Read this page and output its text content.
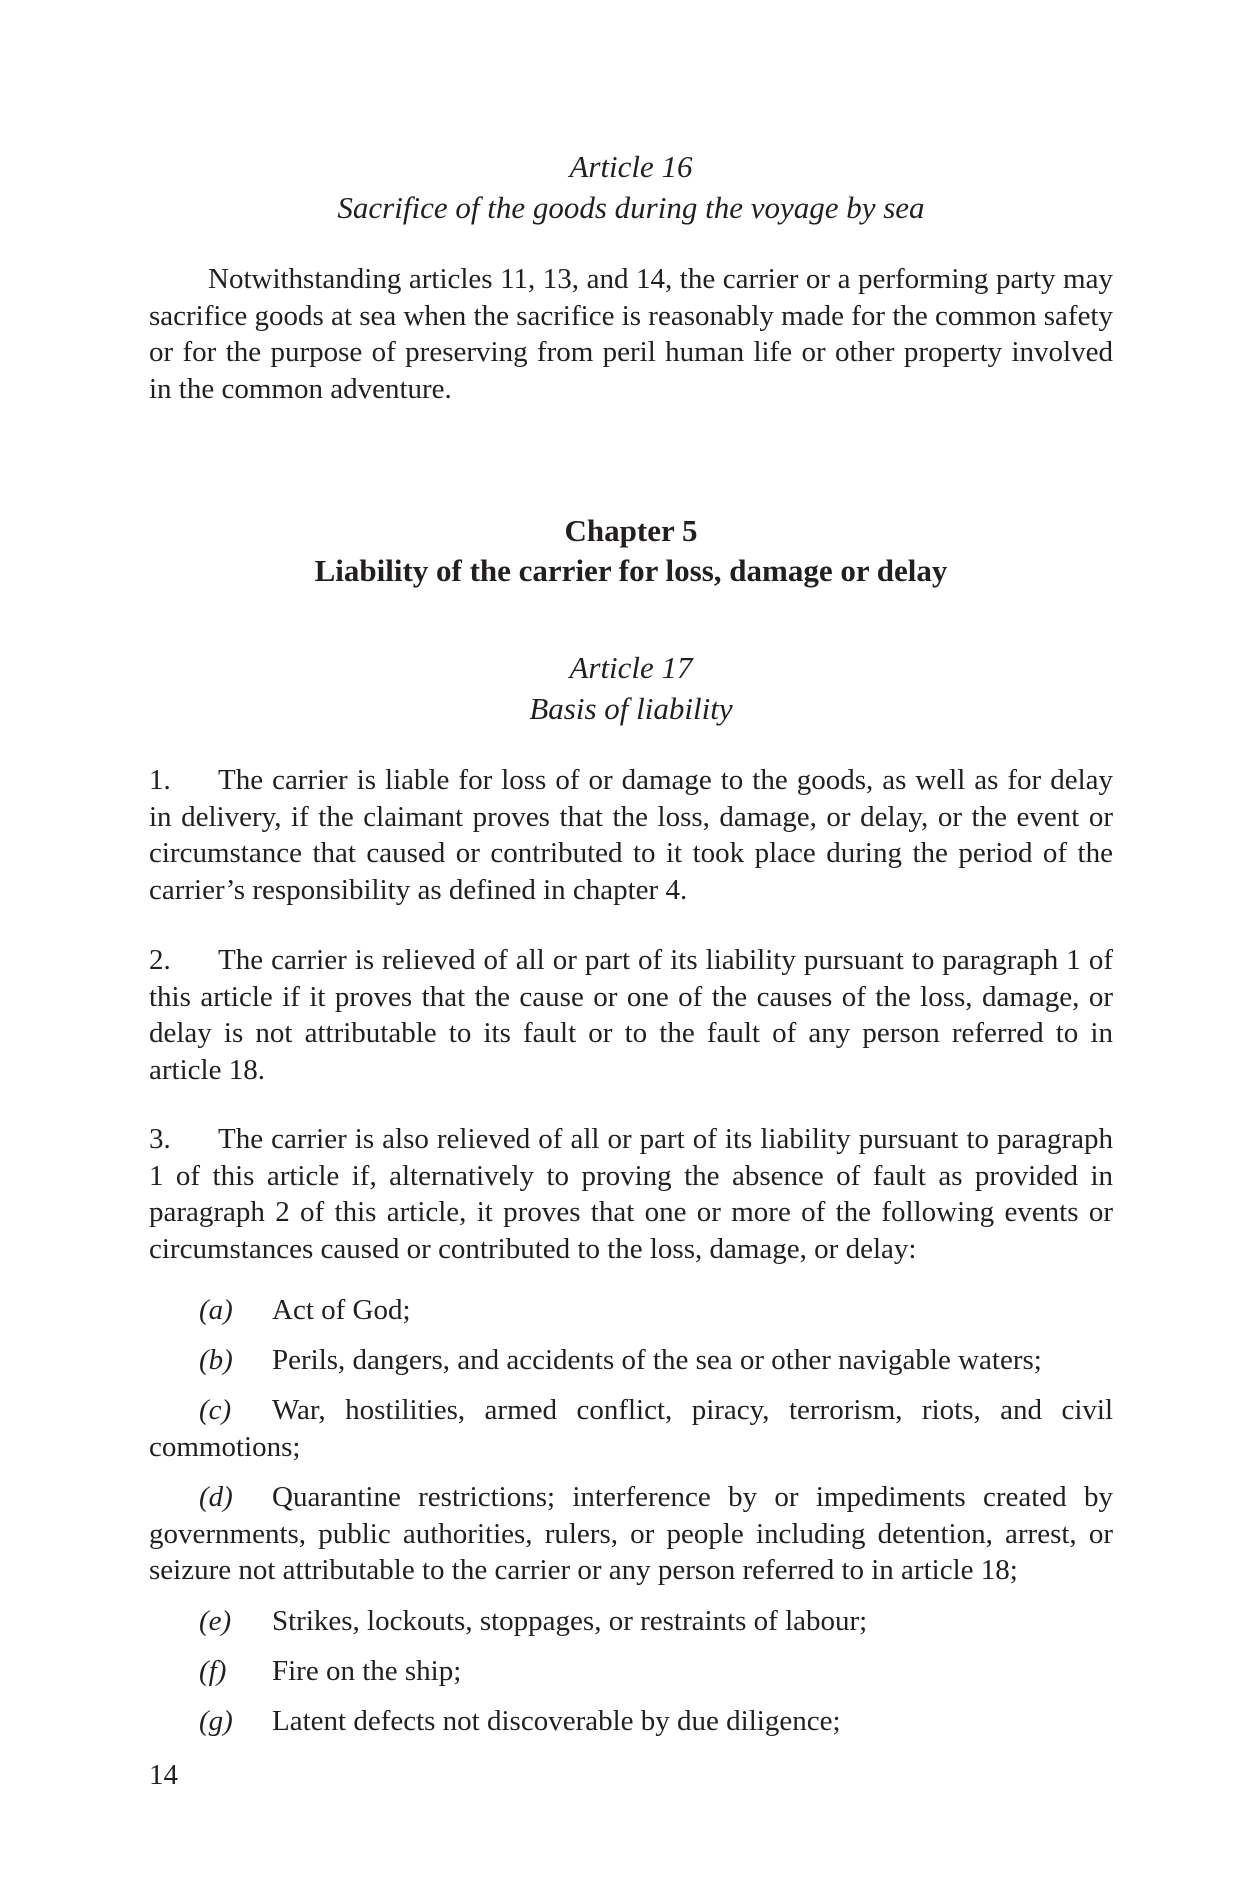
Article 16
Sacrifice of the goods during the voyage by sea

Notwithstanding articles 11, 13, and 14, the carrier or a performing party may sacrifice goods at sea when the sacrifice is reasonably made for the common safety or for the purpose of preserving from peril human life or other property involved in the common adventure.

Chapter 5
Liability of the carrier for loss, damage or delay
Article 17
Basis of liability

1. The carrier is liable for loss of or damage to the goods, as well as for delay in delivery, if the claimant proves that the loss, damage, or delay, or the event or circumstance that caused or contributed to it took place during the period of the carrier’s responsibility as defined in chapter 4.

2. The carrier is relieved of all or part of its liability pursuant to paragraph 1 of this article if it proves that the cause or one of the causes of the loss, damage, or delay is not attributable to its fault or to the fault of any person referred to in article 18.

3. The carrier is also relieved of all or part of its liability pursuant to paragraph 1 of this article if, alternatively to proving the absence of fault as provided in paragraph 2 of this article, it proves that one or more of the following events or circumstances caused or contributed to the loss, damage, or delay:

(a) Act of God;

(b) Perils, dangers, and accidents of the sea or other navigable waters;

(c) War, hostilities, armed conflict, piracy, terrorism, riots, and civil commotions;

(d) Quarantine restrictions; interference by or impediments created by governments, public authorities, rulers, or people including detention, arrest, or seizure not attributable to the carrier or any person referred to in article 18;

(e) Strikes, lockouts, stoppages, or restraints of labour;

(f) Fire on the ship;

(g) Latent defects not discoverable by due diligence;

14
